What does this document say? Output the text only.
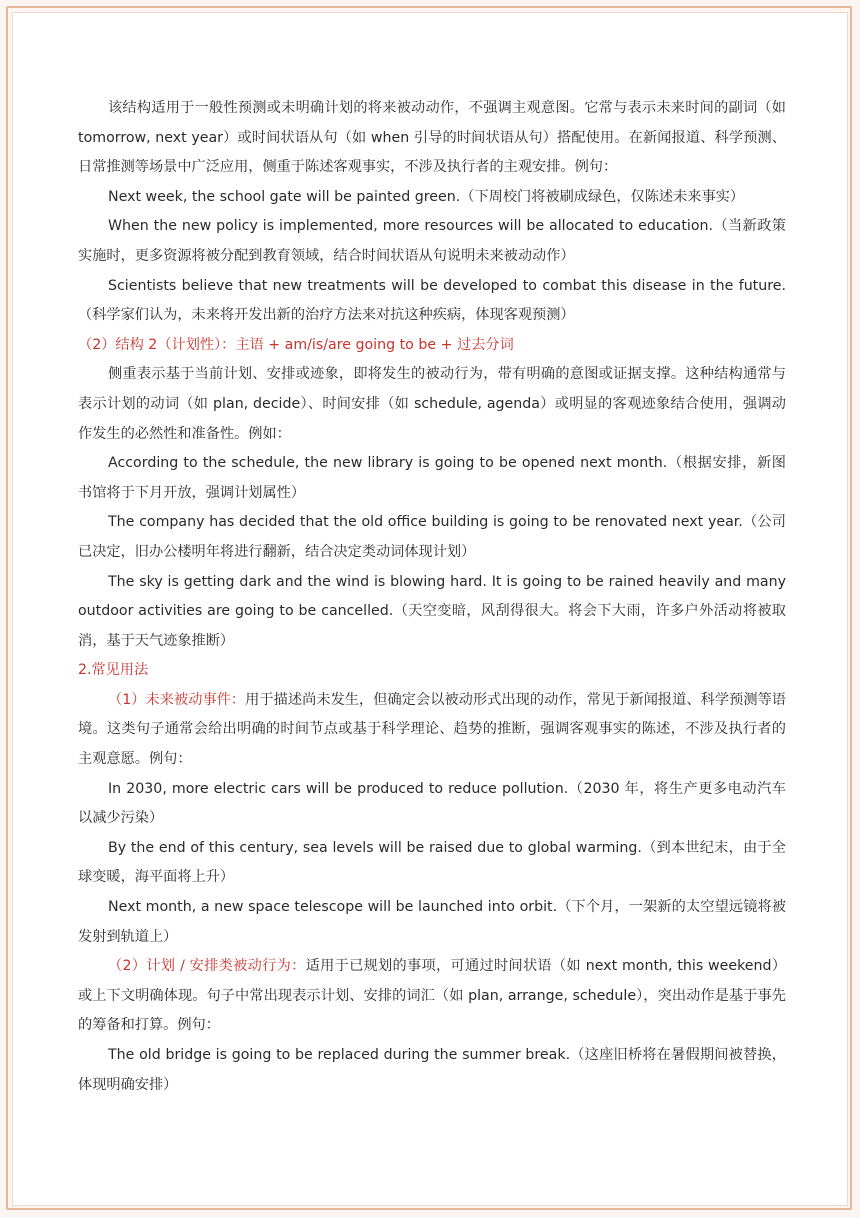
该结构适用于一般性预测或未明确计划的将来被动动作，不强调主观意图。它常与表示未来时间的副词（如 tomorrow, next year）或时间状语从句（如 when 引导的时间状语从句）搭配使用。在新闻报道、科学预测、日常推测等场景中广泛应用，侧重于陈述客观事实，不涉及执行者的主观安排。例句：

Next week, the school gate will be painted green.（下周校门将被刷成绿色，仅陈述未来事实）

When the new policy is implemented, more resources will be allocated to education.（当新政策实施时，更多资源将被分配到教育领域，结合时间状语从句说明未来被动动作）

Scientists believe that new treatments will be developed to combat this disease in the future.（科学家们认为，未来将开发出新的治疗方法来对抗这种疾病，体现客观预测）

（2）结构 2（计划性）：主语 + am/is/are going to be + 过去分词

侧重表示基于当前计划、安排或迹象，即将发生的被动行为，带有明确的意图或证据支撑。这种结构通常与表示计划的动词（如 plan, decide）、时间安排（如 schedule, agenda）或明显的客观迹象结合使用，强调动作发生的必然性和准备性。例如：

According to the schedule, the new library is going to be opened next month.（根据安排，新图书馆将于下月开放，强调计划属性）

The company has decided that the old office building is going to be renovated next year.（公司已决定，旧办公楼明年将进行翻新，结合决定类动词体现计划）

The sky is getting dark and the wind is blowing hard. It is going to be rained heavily and many outdoor activities are going to be cancelled.（天空变暗，风刮得很大。将会下大雨，许多户外活动将被取消，基于天气迹象推断）

2.常见用法

（1）未来被动事件：用于描述尚未发生，但确定会以被动形式出现的动作，常见于新闻报道、科学预测等语境。这类句子通常会给出明确的时间节点或基于科学理论、趋势的推断，强调客观事实的陈述，不涉及执行者的主观意愿。例句：

In 2030, more electric cars will be produced to reduce pollution.（2030 年，将生产更多电动汽车以减少污染）

By the end of this century, sea levels will be raised due to global warming.（到本世纪末，由于全球变暖，海平面将上升）

Next month, a new space telescope will be launched into orbit.（下个月，一架新的太空望远镜将被发射到轨道上）

（2）计划 / 安排类被动行为：适用于已规划的事项，可通过时间状语（如 next month, this weekend）或上下文明确体现。句子中常出现表示计划、安排的词汇（如 plan, arrange, schedule），突出动作是基于事先的筹备和打算。例句：

The old bridge is going to be replaced during the summer break.（这座旧桥将在暑假期间被替换，体现明确安排）
